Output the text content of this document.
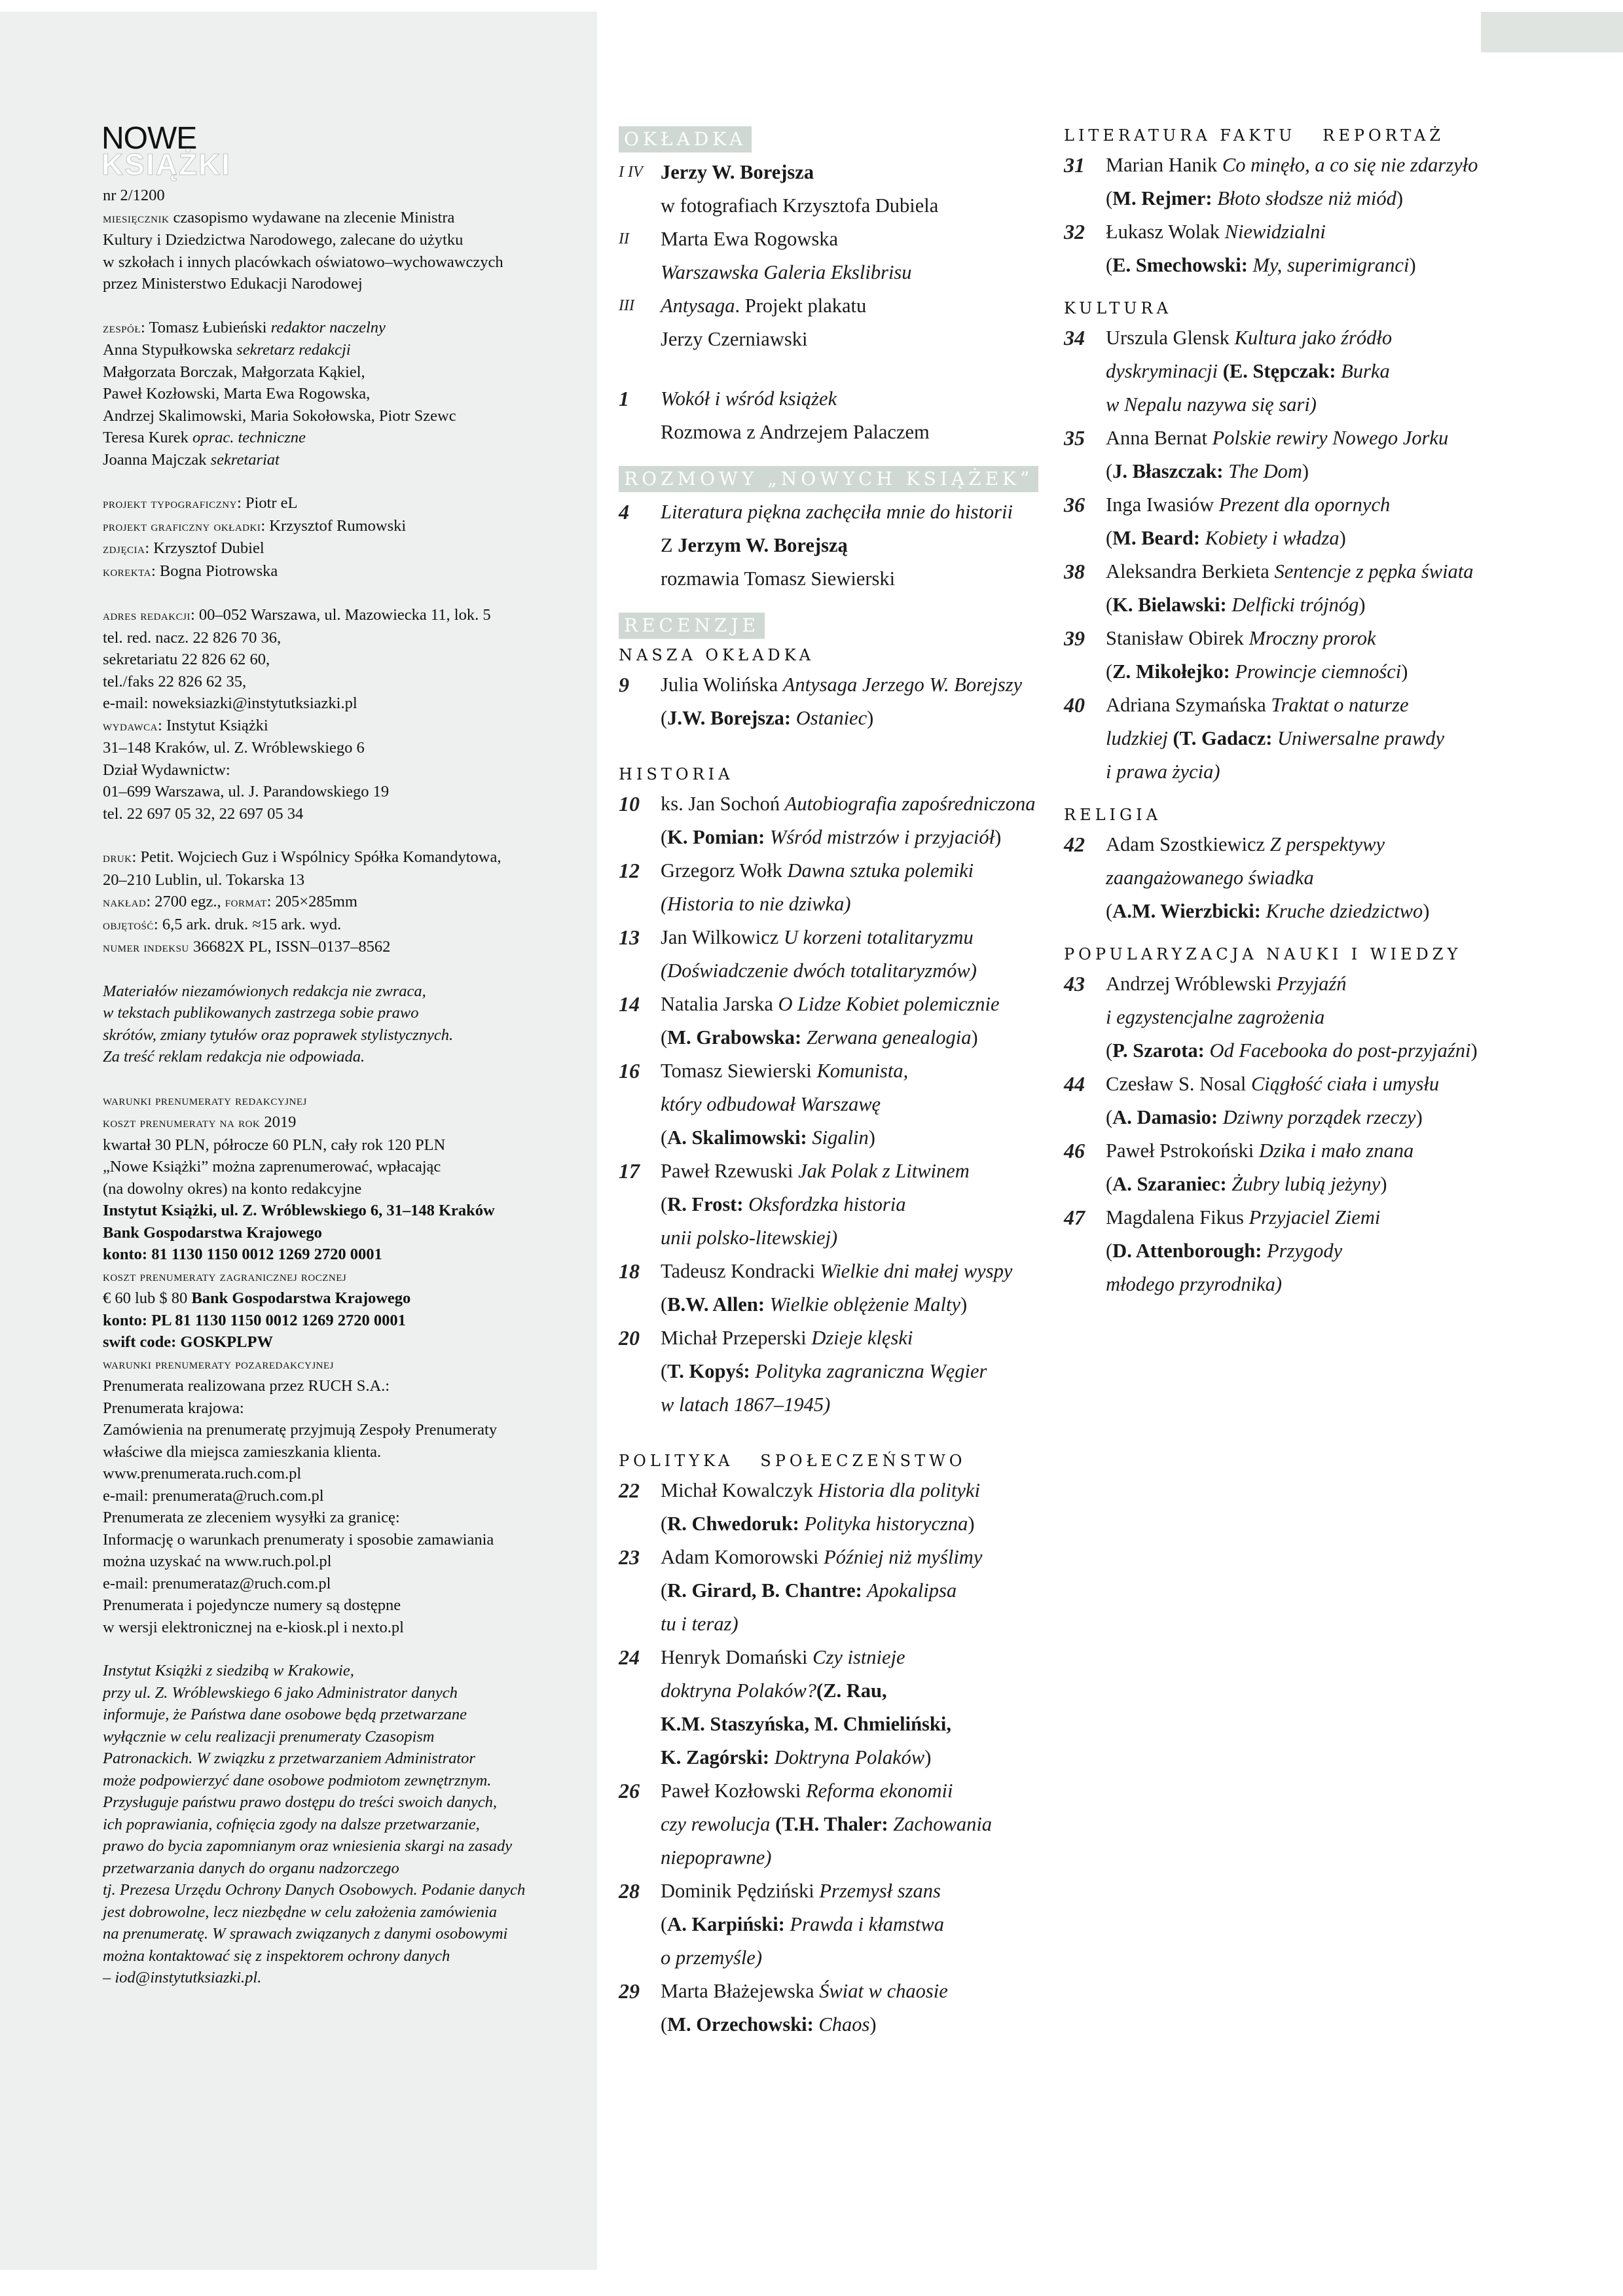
NOWE
KSIĄŻKI

nr 2/1200

miesięcznik czasopismo wydawane na zlecenie Ministra

Kultury i Dziedzictwa Narodowego, zalecane do użytku

w szkołach i innych placówkach oświatowo–wychowawczych

przez Ministerstwo Edukacji Narodowej

zespół: Tomasz Łubieński redaktor naczelny

Anna Stypułkowska sekretarz redakcji

Małgorzata Borczak, Małgorzata Kąkiel,

Paweł Kozłowski, Marta Ewa Rogowska,

Andrzej Skalimowski, Maria Sokołowska, Piotr Szewc

Teresa Kurek oprac. techniczne

Joanna Majczak sekretariat

projekt typograficzny: Piotr eL

projekt graficzny okładki: Krzysztof Rumowski

zdjęcia: Krzysztof Dubiel

korekta: Bogna Piotrowska

adres redakcji: 00–052 Warszawa, ul. Mazowiecka 11, lok. 5

tel. red. nacz. 22 826 70 36,

sekretariatu 22 826 62 60,

tel./faks 22 826 62 35,

e-mail: noweksiazki@instytutksiazki.pl

wydawca: Instytut Książki

31–148 Kraków, ul. Z. Wróblewskiego 6

Dział Wydawnictw:

01–699 Warszawa, ul. J. Parandowskiego 19

tel. 22 697 05 32, 22 697 05 34

druk: Petit. Wojciech Guz i Wspólnicy Spółka Komandytowa,

20–210 Lublin, ul. Tokarska 13

nakład: 2700 egz., format: 205×285mm

objętość: 6,5 ark. druk. ≈15 ark. wyd.

numer indeksu 36682X PL, ISSN–0137–8562

Materiałów niezamówionych redakcja nie zwraca,

w tekstach publikowanych zastrzega sobie prawo

skrótów, zmiany tytułów oraz poprawek stylistycznych.

Za treść reklam redakcja nie odpowiada.

warunki prenumeraty redakcyjnej

koszt prenumeraty na rok 2019

kwartał 30 PLN, półrocze 60 PLN, cały rok 120 PLN

„Nowe Książki” można zaprenumerować, wpłacając

(na dowolny okres) na konto redakcyjne

Instytut Książki, ul. Z. Wróblewskiego 6, 31–148 Kraków

Bank Gospodarstwa Krajowego

konto: 81 1130 1150 0012 1269 2720 0001

koszt prenumeraty zagranicznej rocznej

€ 60 lub $ 80 Bank Gospodarstwa Krajowego

konto: PL 81 1130 1150 0012 1269 2720 0001

swift code: GOSKPLPW

warunki prenumeraty pozaredakcyjnej

Prenumerata realizowana przez RUCH S.A.:

Prenumerata krajowa:

Zamówienia na prenumeratę przyjmują Zespoły Prenumeraty

właściwe dla miejsca zamieszkania klienta.

www.prenumerata.ruch.com.pl

e-mail: prenumerata@ruch.com.pl

Prenumerata ze zleceniem wysyłki za granicę:

Informację o warunkach prenumeraty i sposobie zamawiania

można uzyskać na www.ruch.pol.pl

e-mail: prenumerataz@ruch.com.pl

Prenumerata i pojedyncze numery są dostępne

w wersji elektronicznej na e-kiosk.pl i nexto.pl

Instytut Książki z siedzibą w Krakowie,

przy ul. Z. Wróblewskiego 6 jako Administrator danych

informuje, że Państwa dane osobowe będą przetwarzane

wyłącznie w celu realizacji prenumeraty Czasopism

Patronackich. W związku z przetwarzaniem Administrator

może podpowierzyć dane osobowe podmiotom zewnętrznym.

Przysługuje państwu prawo dostępu do treści swoich danych,

ich poprawiania, cofnięcia zgody na dalsze przetwarzanie,

prawo do bycia zapomnianym oraz wniesienia skargi na zasady

przetwarzania danych do organu nadzorczego

tj. Prezesa Urzędu Ochrony Danych Osobowych. Podanie danych

jest dobrowolne, lecz niezbędne w celu założenia zamówienia

na prenumeratę. W sprawach związanych z danymi osobowymi

można kontaktować się z inspektorem ochrony danych

– iod@instytutksiazki.pl.

OKŁADKA
I IV Jerzy W. Borejsza

w fotografiach Krzysztofa Dubiela

II Marta Ewa Rogowska

Warszawska Galeria Ekslibrisu

III Antysaga. Projekt plakatu

Jerzy Czerniawski

1 Wokół i wśród książek

Rozmowa z Andrzejem Palaczem

ROZMOWY „NOWYCH KSIĄŻEK”
4 Literatura piękna zachęciła mnie do historii

Z Jerzym W. Borejszą

rozmawia Tomasz Siewierski

RECENZJE
NASZA OKŁADKA
9 Julia Wolińska Antysaga Jerzego W. Borejszy

(J.W. Borejsza: Ostaniec)

HISTORIA
10 ks. Jan Sochoń Autobiografia zapośredniczona

(K. Pomian: Wśród mistrzów i przyjaciół)

12 Grzegorz Wołk Dawna sztuka polemiki

(Historia to nie dziwka)

13 Jan Wilkowicz U korzeni totalitaryzmu

(Doświadczenie dwóch totalitaryzmów)

14 Natalia Jarska O Lidze Kobiet polemicznie

(M. Grabowska: Zerwana genealogia)

16 Tomasz Siewierski Komunista,

który odbudował Warszawę

(A. Skalimowski: Sigalin)

17 Paweł Rzewuski Jak Polak z Litwinem

(R. Frost: Oksfordzka historia

unii polsko-litewskiej)

18 Tadeusz Kondracki Wielkie dni małej wyspy

(B.W. Allen: Wielkie oblężenie Malty)

20 Michał Przeperski Dzieje klęski

(T. Kopyś: Polityka zagraniczna Węgier

w latach 1867–1945)

POLITYKA   SPOŁECZEŃSTWO
22 Michał Kowalczyk Historia dla polityki

(R. Chwedoruk: Polityka historyczna)

23 Adam Komorowski Później niż myślimy

(R. Girard, B. Chantre: Apokalipsa

tu i teraz)

24 Henryk Domański Czy istnieje

doktryna Polaków?(Z. Rau,

K.M. Staszyńska, M. Chmieliński,

K. Zagórski: Doktryna Polaków)

26 Paweł Kozłowski Reforma ekonomii

czy rewolucja (T.H. Thaler: Zachowania

niepoprawne)

28 Dominik Pędziński Przemysł szans

(A. Karpiński: Prawda i kłamstwa

o przemyśle)

29 Marta Błażejewska Świat w chaosie

(M. Orzechowski: Chaos)

LITERATURA FAKTU   REPORTAŻ
31 Marian Hanik Co minęło, a co się nie zdarzyło

(M. Rejmer: Błoto słodsze niż miód)

32 Łukasz Wolak Niewidzialni

(E. Smechowski: My, superimigranci)

KULTURA
34 Urszula Glensk Kultura jako źródło

dyskryminacji (E. Stępczak: Burka

w Nepalu nazywa się sari)

35 Anna Bernat Polskie rewiry Nowego Jorku

(J. Błaszczak: The Dom)

36 Inga Iwasiów Prezent dla opornych

(M. Beard: Kobiety i władza)

38 Aleksandra Berkieta Sentencje z pępka świata

(K. Bielawski: Delficki trójnóg)

39 Stanisław Obirek Mroczny prorok

(Z. Mikołejko: Prowincje ciemności)

40 Adriana Szymańska Traktat o naturze

ludzkiej (T. Gadacz: Uniwersalne prawdy

i prawa życia)

RELIGIA
42 Adam Szostkiewicz Z perspektywy

zaangażowanego świadka

(A.M. Wierzbicki: Kruche dziedzictwo)

POPULARYZACJA NAUKI I WIEDZY
43 Andrzej Wróblewski Przyjaźń

i egzystencjalne zagrożenia

(P. Szarota: Od Facebooka do post-przyjaźni)

44 Czesław S. Nosal Ciągłość ciała i umysłu

(A. Damasio: Dziwny porządek rzeczy)

46 Paweł Pstrokoński Dzika i mało znana

(A. Szaraniec: Żubry lubią jeżyny)

47 Magdalena Fikus Przyjaciel Ziemi

(D. Attenborough: Przygody

młodego przyrodnika)
